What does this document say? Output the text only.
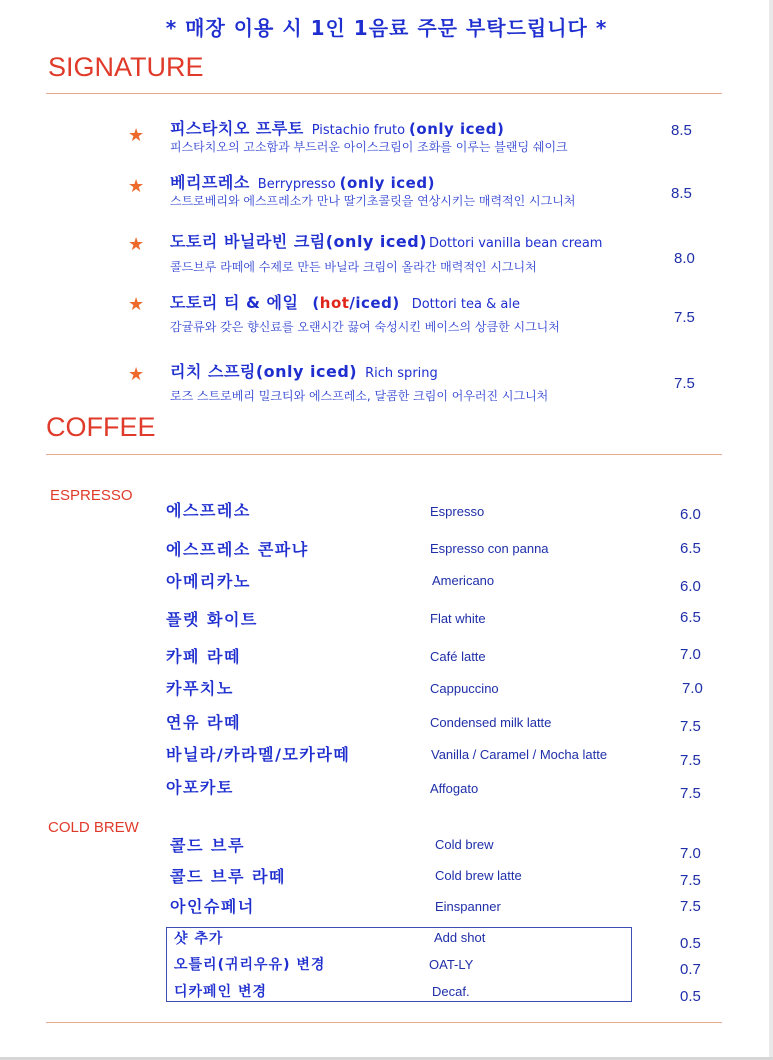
* 매장 이용 시 1인 1음료 주문 부탁드립니다 *
SIGNATURE
★ 피스타치오 프루토 Pistachio fruto (only iced)
피스타치오의 고소함과 부드러운 아이스크림이 조화를 이루는 블랜딩 쉐이크
8.5
★ 베리프레소 Berrypresso (only iced)
스트로베리와 에스프레소가 만나 딸기초콜릿을 연상시키는 매력적인 시그니처	8.5
★ 도토리 바닐라빈 크림(only iced) Dottori vanilla bean cream
콜드브루 라떼에 수제로 만든 바닐라 크림이 올라간 매력적인 시그니처	8.0
★ 도토리 티 & 에일 (hot/iced) Dottori tea & ale
감귤류와 갖은 향신료를 오랜시간 끓여 숙성시킨 베이스의 상큼한 시그니처
7.5
★ 리치 스프링(only iced) Rich spring
로즈 스트로베리 밀크티와 에스프레소, 달콤한 크림이 어우러진 시그니처
7.5
COFFEE
ESPRESSO
에스프레소	Espresso	6.0
에스프레소 콘파냐	Espresso con panna	6.5
아메리카노	Americano	6.0
플랫 화이트	Flat white	6.5
카페 라떼	Café latte	7.0
카푸치노	Cappuccino	7.0
연유 라떼	Condensed milk latte	7.5
바닐라/카라멜/모카라떼	Vanilla / Caramel / Mocha latte	7.5
아포카토	Affogato	7.5
COLD BREW
콜드 브루	Cold brew
7.0
콜드 브루 라떼	Cold brew latte	7.5
아인슈페너	Einspanner	7.5
샷 추가	Add shot	0.5
오틀리(귀리우유) 변경	OAT-LY	0.7
디카페인 변경	Decaf.	0.5
